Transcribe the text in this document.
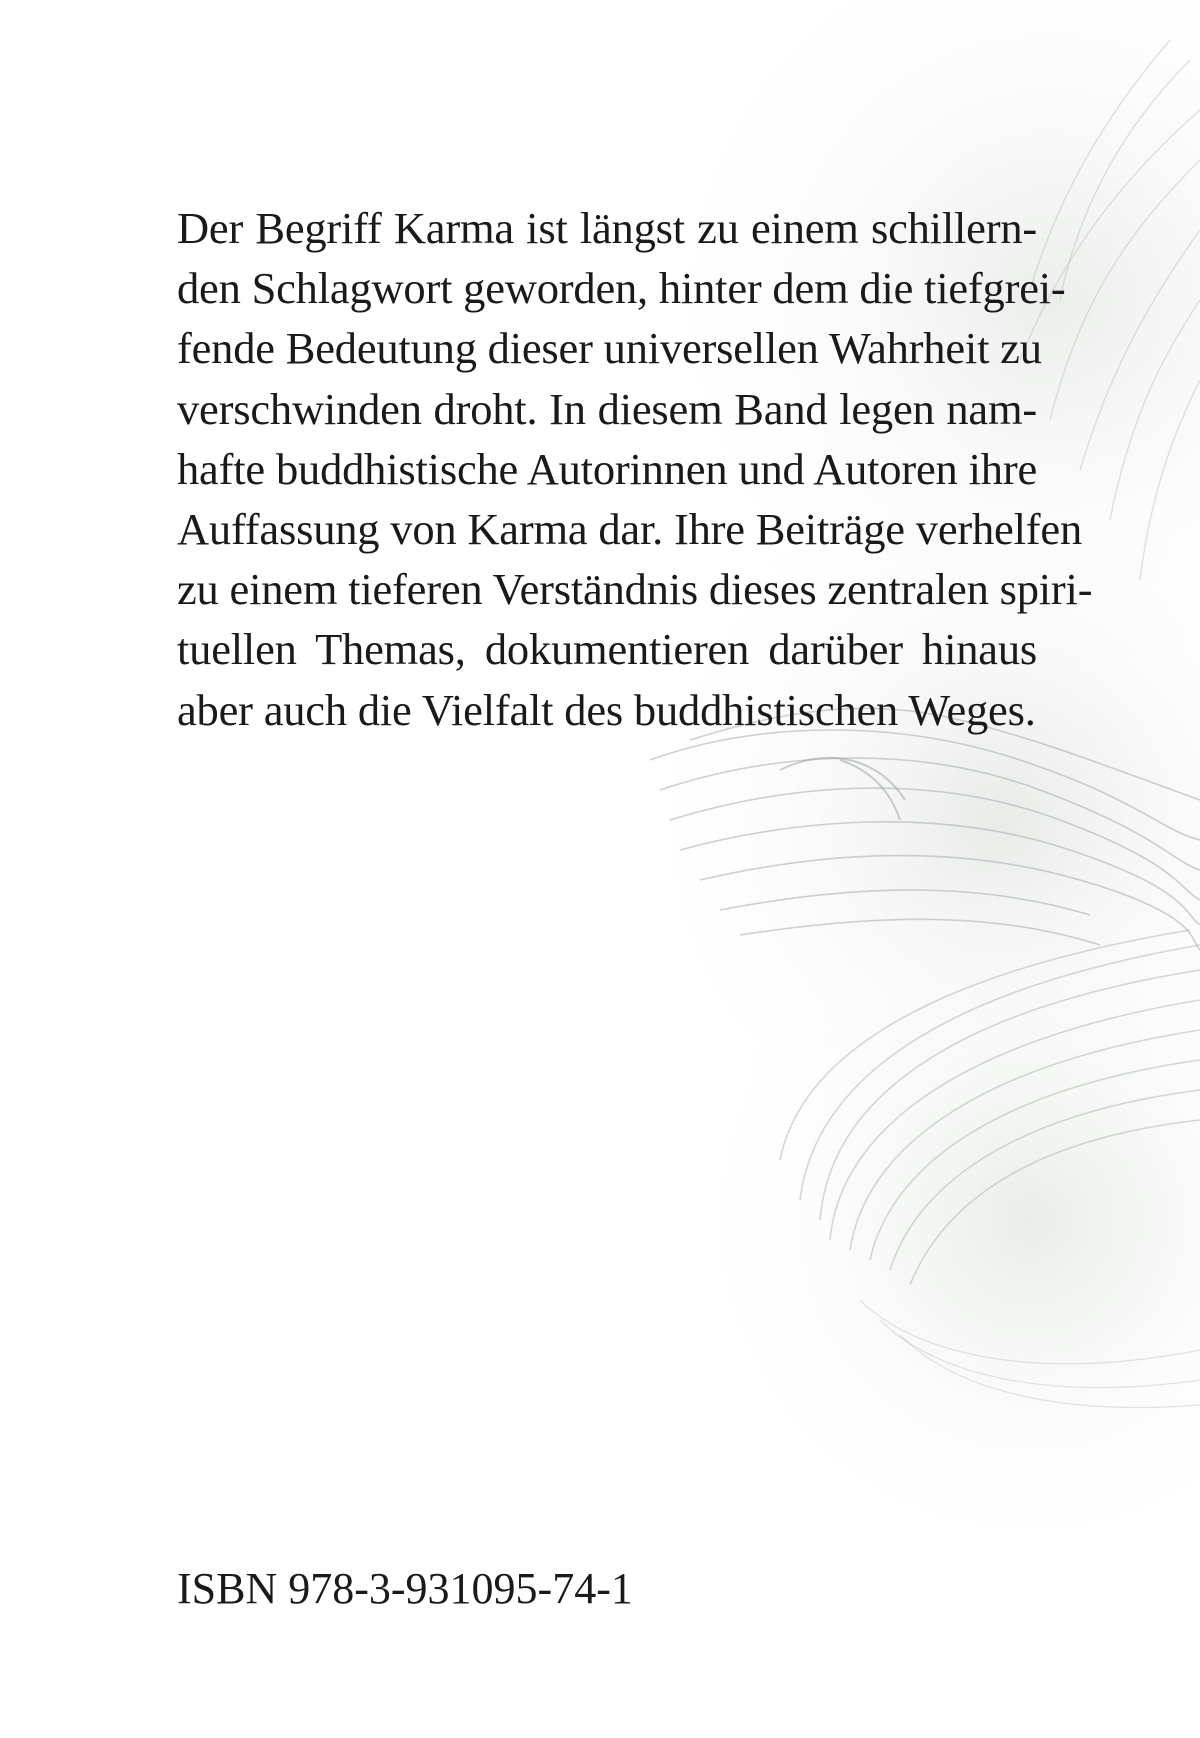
Der Begriff Karma ist längst zu einem schillern-
den Schlagwort geworden, hinter dem die tiefgrei-
fende Bedeutung dieser universellen Wahrheit zu
verschwinden droht. In diesem Band legen nam-
hafte buddhistische Autorinnen und Autoren ihre
Auffassung von Karma dar. Ihre Beiträge verhelfen
zu einem tieferen Verständnis dieses zentralen spiri-
tuellen Themas, dokumentieren darüber hinaus
aber auch die Vielfalt des buddhistischen Weges.

ISBN 978-3-931095-74-1
